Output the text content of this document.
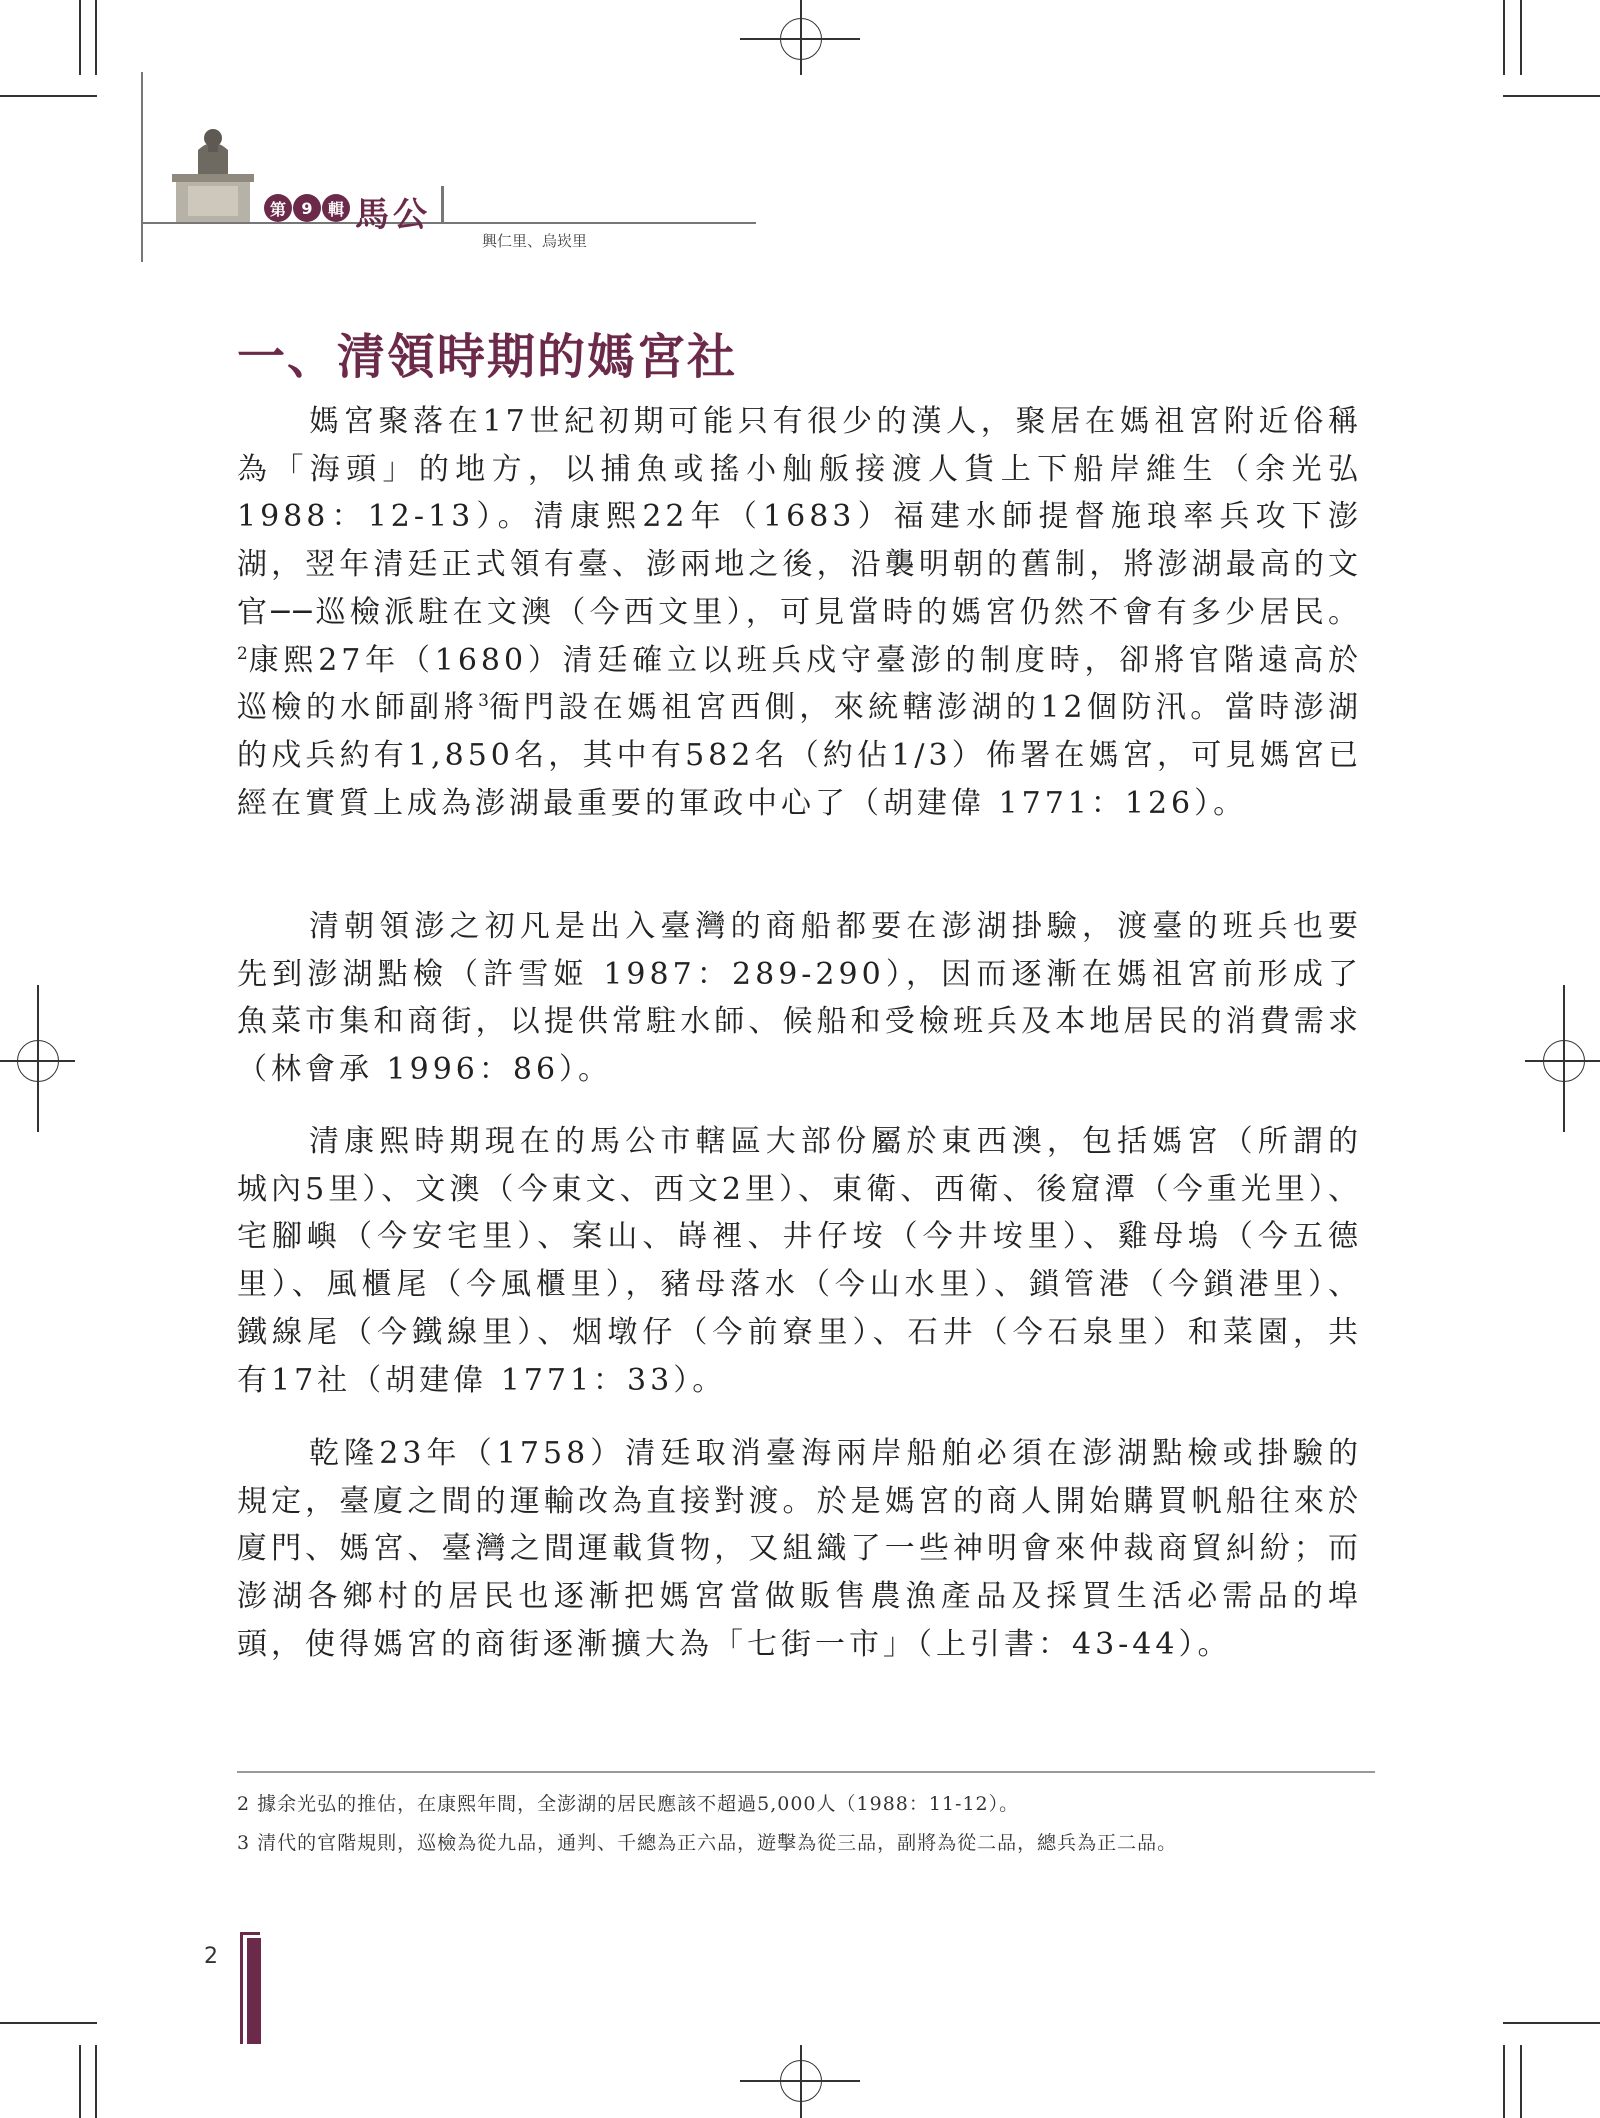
第 9 輯 馬公
興仁里、烏崁里
一、清領時期的媽宮社

媽宮聚落在17世紀初期可能只有很少的漢人，聚居在媽祖宮附近俗稱為「海頭」的地方，以捕魚或搖小舢舨接渡人貨上下船岸維生（余光弘 1988：12-13）。清康熙22年（1683）福建水師提督施琅率兵攻下澎湖，翌年清廷正式領有臺、澎兩地之後，沿襲明朝的舊制，將澎湖最高的文官──巡檢派駐在文澳（今西文里），可見當時的媽宮仍然不會有多少居民。$^2$康熙27年（1680）清廷確立以班兵戍守臺澎的制度時，卻將官階遠高於巡檢的水師副將$^3$衙門設在媽祖宮西側，來統轄澎湖的12個防汛。當時澎湖的戍兵約有1,850名，其中有582名（約佔1/3）佈署在媽宮，可見媽宮已經在實質上成為澎湖最重要的軍政中心了（胡建偉 1771：126）。

清朝領澎之初凡是出入臺灣的商船都要在澎湖掛驗，渡臺的班兵也要先到澎湖點檢（許雪姬 1987：289-290），因而逐漸在媽祖宮前形成了魚菜市集和商街，以提供常駐水師、候船和受檢班兵及本地居民的消費需求（林會承 1996：86）。

清康熙時期現在的馬公市轄區大部份屬於東西澳，包括媽宮（所謂的城內5里）、文澳（今東文、西文2里）、東衛、西衛、後窟潭（今重光里）、宅腳嶼（今安宅里）、案山、嵵裡、井仔垵（今井垵里）、雞母塢（今五德里）、風櫃尾（今風櫃里），豬母落水（今山水里）、鎖管港（今鎖港里）、鐵線尾（今鐵線里）、烟墩仔（今前寮里）、石井（今石泉里）和菜園，共有17社（胡建偉 1771：33）。

乾隆23年（1758）清廷取消臺海兩岸船舶必須在澎湖點檢或掛驗的規定，臺廈之間的運輸改為直接對渡。於是媽宮的商人開始購買帆船往來於廈門、媽宮、臺灣之間運載貨物，又組織了一些神明會來仲裁商貿糾紛；而澎湖各鄉村的居民也逐漸把媽宮當做販售農漁產品及採買生活必需品的埠頭，使得媽宮的商街逐漸擴大為「七街一市」（上引書：43-44）。

2 據余光弘的推估，在康熙年間，全澎湖的居民應該不超過5,000人（1988：11-12）。
3 清代的官階規則，巡檢為從九品，通判、千總為正六品，遊擊為從三品，副將為從二品，總兵為正二品。
2
